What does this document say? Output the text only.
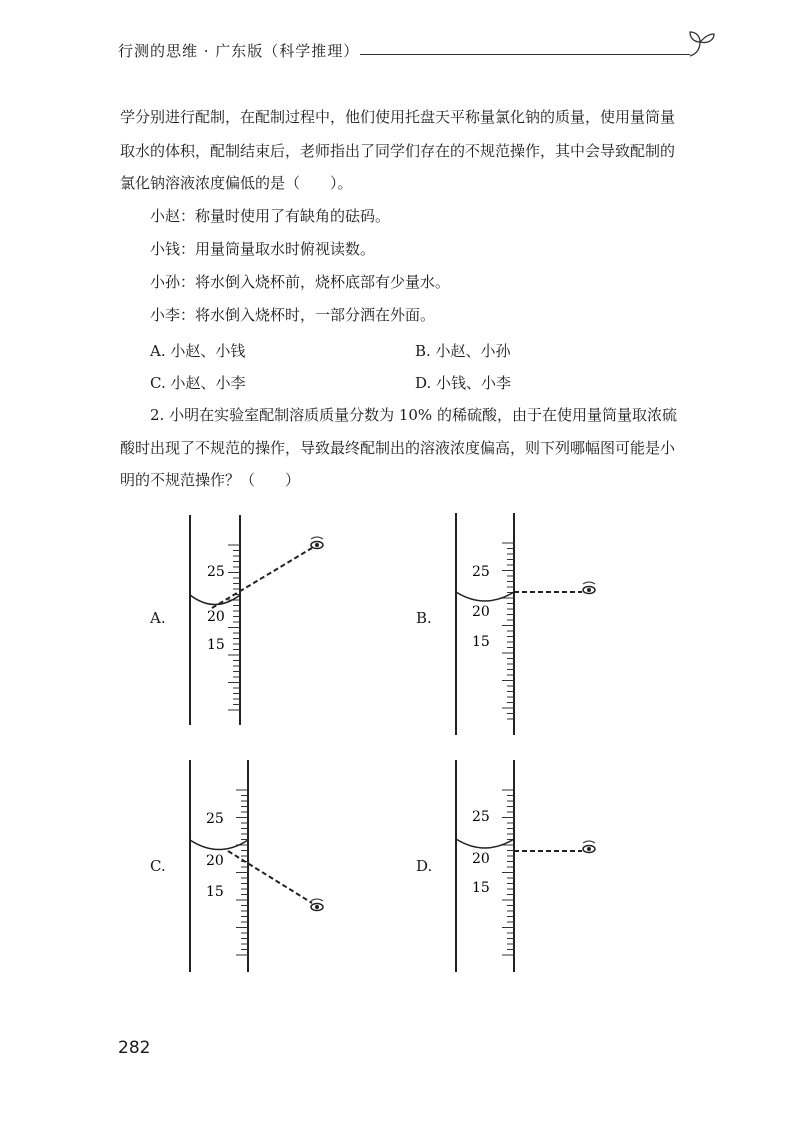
行测的思维 · 广东版（科学推理）
学分别进行配制，在配制过程中，他们使用托盘天平称量氯化钠的质量，使用量筒量
取水的体积，配制结束后，老师指出了同学们存在的不规范操作，其中会导致配制的
氯化钠溶液浓度偏低的是（　　）。
小赵：称量时使用了有缺角的砝码。
小钱：用量筒量取水时俯视读数。
小孙：将水倒入烧杯前，烧杯底部有少量水。
小李：将水倒入烧杯时，一部分洒在外面。
A. 小赵、小钱	B. 小赵、小孙
C. 小赵、小李	D. 小钱、小李
2. 小明在实验室配制溶质质量分数为 10% 的稀硫酸，由于在使用量筒量取浓硫
酸时出现了不规范的操作，导致最终配制出的溶液浓度偏高，则下列哪幅图可能是小
明的不规范操作？（　　）
A.	B.
C.	D.
25
20
15
25
20
15
25
20
15
25
20
15
282
